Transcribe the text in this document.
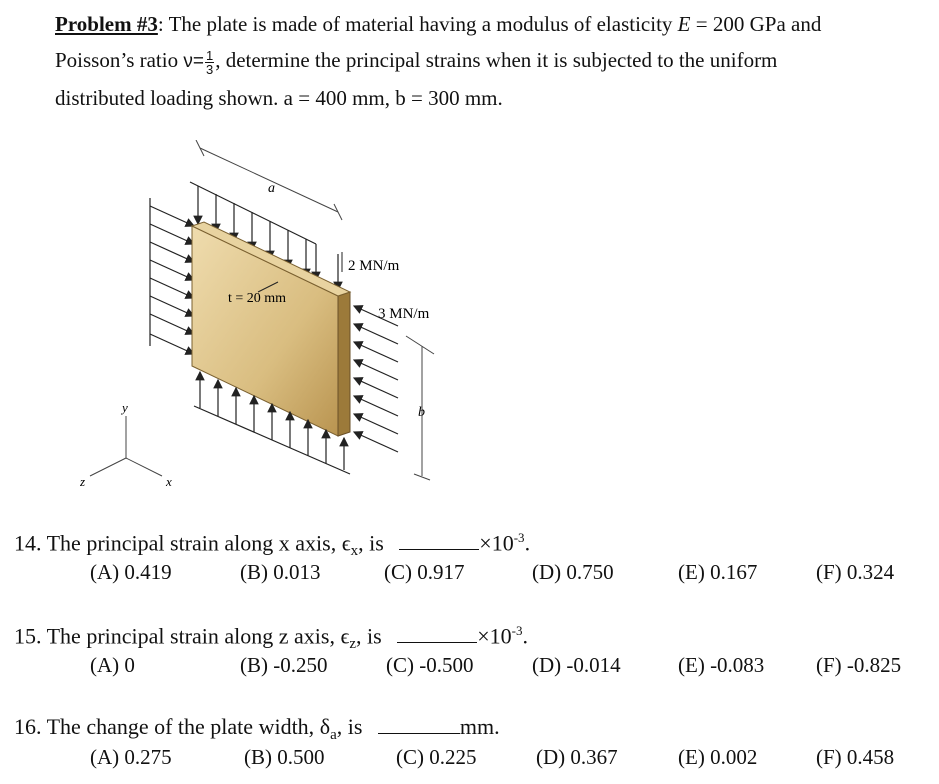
Problem #3: The plate is made of material having a modulus of elasticity E = 200 GPa and
Poisson’s ratio $\nu= \frac{1}{3}$ , determine the principal strains when it is subjected to the uniform
distributed loading shown. a = 400 mm, b = 300 mm.
a
t = 20 mm
2 MN/m
3 MN/m
b
y
x
z
14. The principal strain along x axis, $\epsilon_x$, is	$\times 10^{-3}$.
(A) 0.419	(B) 0.013	(C) 0.917	(D) 0.750	(E) 0.167	(F) 0.324
15. The principal strain along z axis, $\epsilon_z$, is	$\times 10^{-3}$.
(A) 0	(B) -0.250	(C) -0.500	(D) -0.014	(E) -0.083 (F) -0.825
16. The change of the plate width, $\delta_a$, is	mm.
(A) 0.275	(B) 0.500	(C) 0.225	(D) 0.367	(E) 0.002	(F) 0.458
